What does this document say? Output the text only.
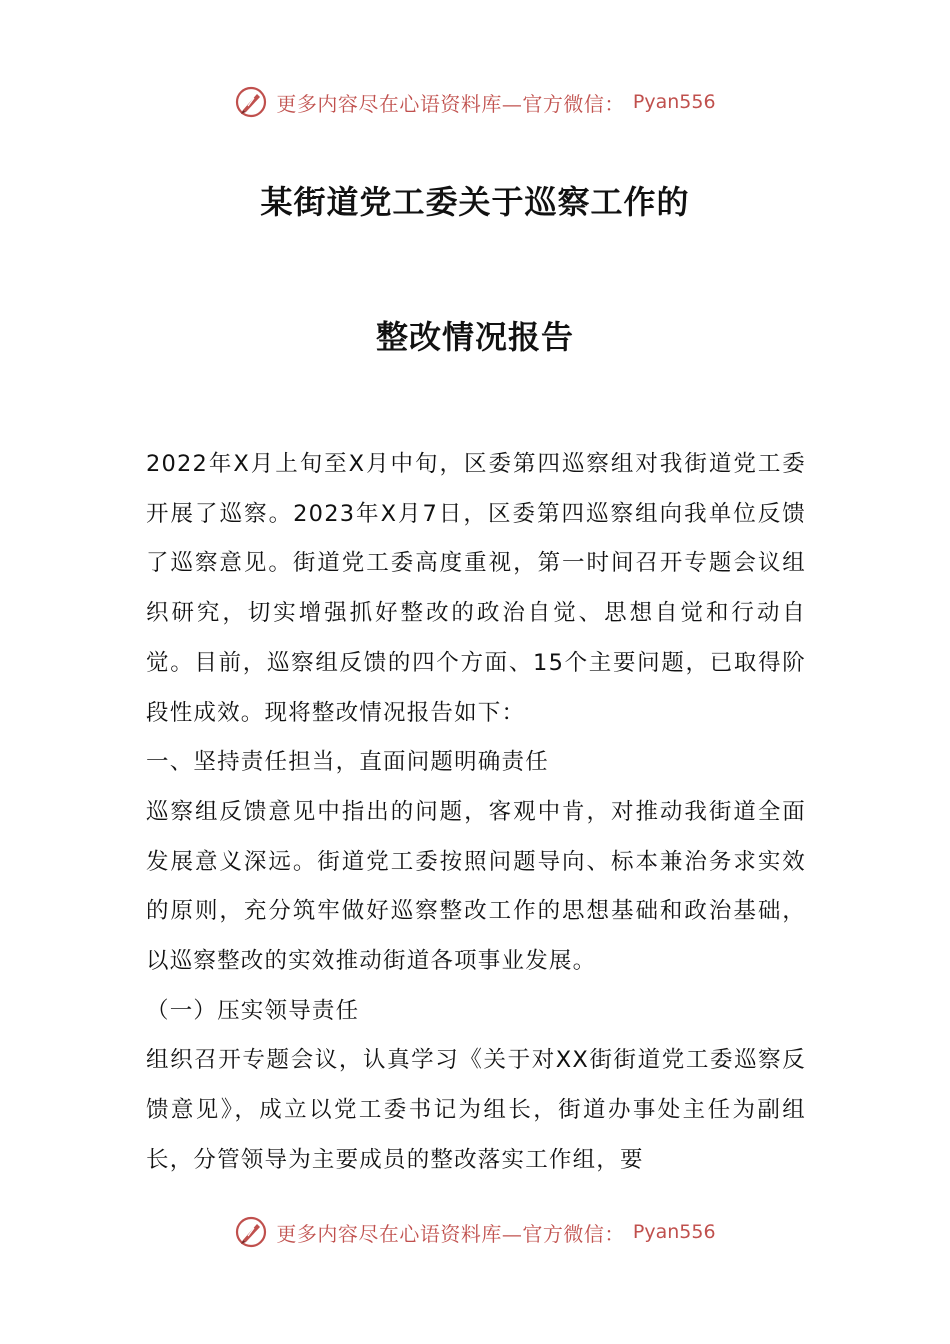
更多内容尽在心语资料库—官方微信： Pyan556
某街道党工委关于巡察工作的
整改情况报告

2022年X月上旬至X月中旬，区委第四巡察组对我街道党工委开展了巡察。2023年X月7日，区委第四巡察组向我单位反馈了巡察意见。街道党工委高度重视，第一时间召开专题会议组织研究，切实增强抓好整改的政治自觉、思想自觉和行动自觉。目前，巡察组反馈的四个方面、15个主要问题，已取得阶段性成效。现将整改情况报告如下：

一、坚持责任担当，直面问题明确责任

巡察组反馈意见中指出的问题，客观中肯，对推动我街道全面发展意义深远。街道党工委按照问题导向、标本兼治务求实效的原则，充分筑牢做好巡察整改工作的思想基础和政治基础，以巡察整改的实效推动街道各项事业发展。

（一）压实领导责任

组织召开专题会议，认真学习《关于对XX街街道党工委巡察反馈意见》，成立以党工委书记为组长，街道办事处主任为副组长，分管领导为主要成员的整改落实工作组，要

更多内容尽在心语资料库—官方微信： Pyan556
